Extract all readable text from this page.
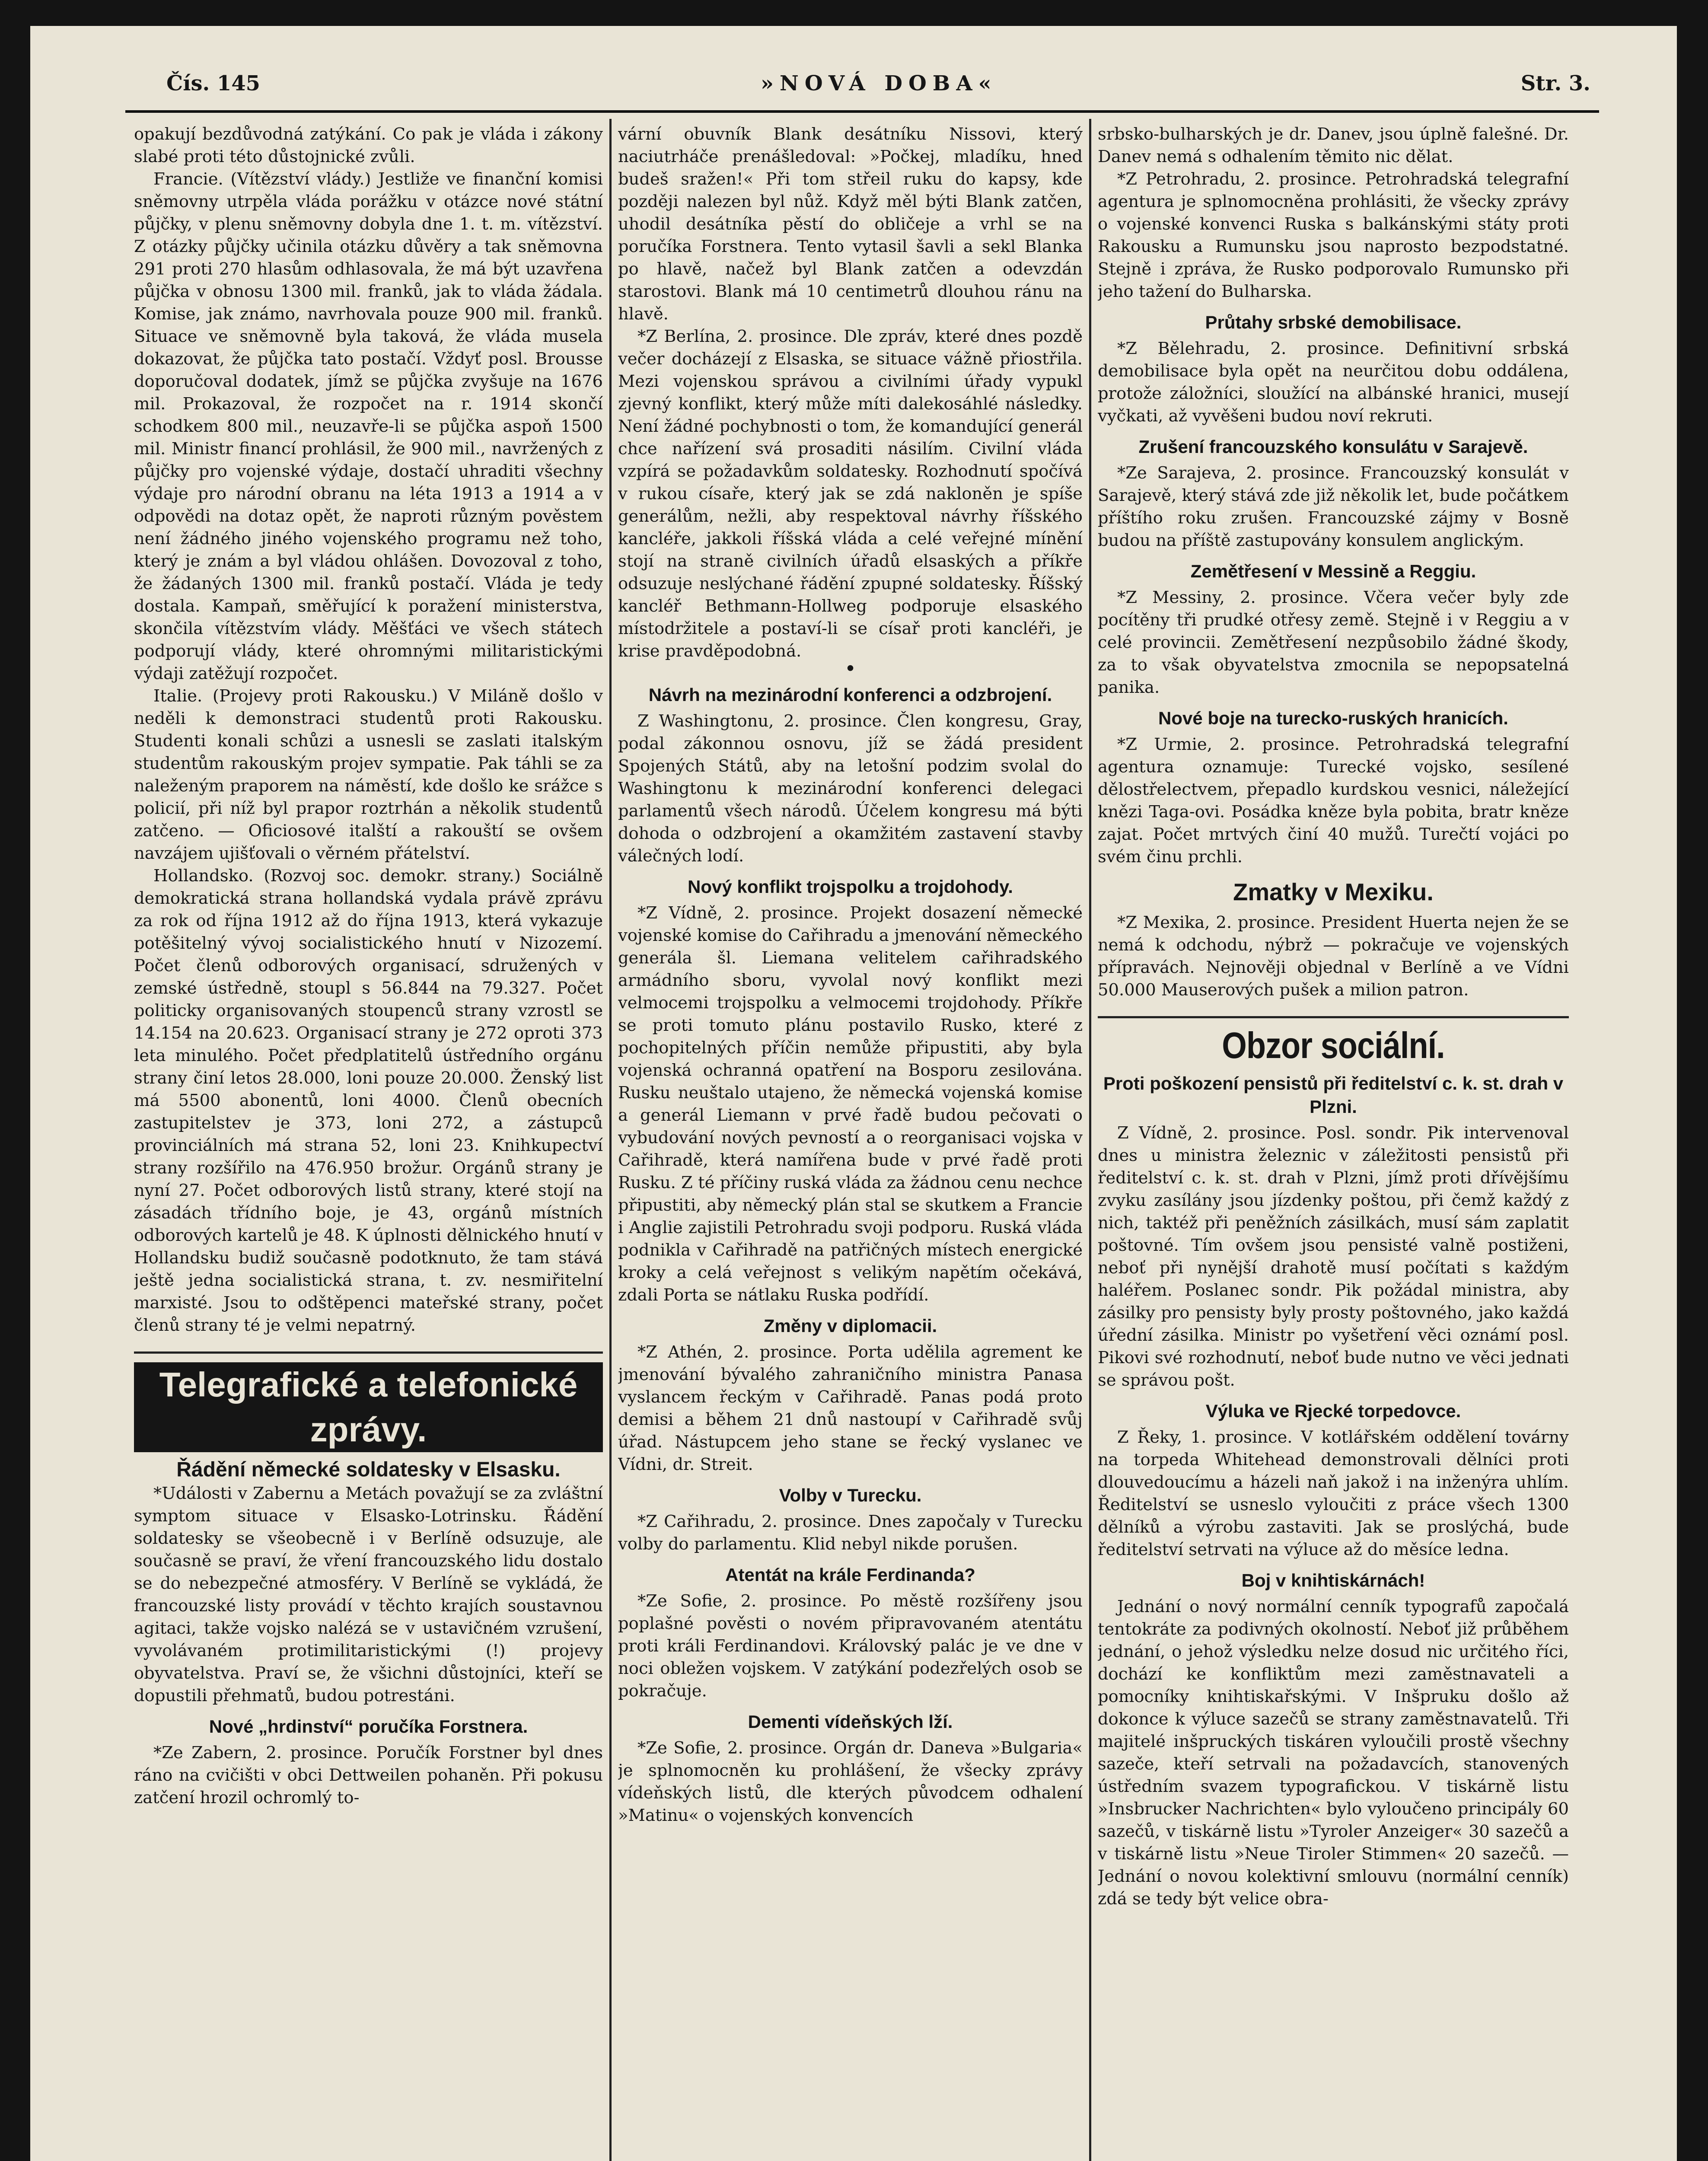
Čís. 145	»NOVÁ DOBA«	Str. 3.

opakují bezdůvodná zatýkání. Co pak je vláda i zákony slabé proti této důstojnické zvůli.

Francie. (Vítězství vlády.) Jestliže ve finanční komisi sněmovny utrpěla vláda porážku v otázce nové státní půjčky, v plenu sněmovny dobyla dne 1. t. m. vítězství. Z otázky půjčky učinila otázku důvěry a tak sněmovna 291 proti 270 hlasům odhlasovala, že má být uzavřena půjčka v obnosu 1300 mil. franků, jak to vláda žádala. Komise, jak známo, navrhovala pouze 900 mil. franků. Situace ve sněmovně byla taková, že vláda musela dokazovat, že půjčka tato postačí. Vždyť posl. Brousse doporučoval dodatek, jímž se půjčka zvyšuje na 1676 mil. Prokazoval, že rozpočet na r. 1914 skončí schodkem 800 mil., neuzavře-li se půjčka aspoň 1500 mil. Ministr financí prohlásil, že 900 mil., navržených z půjčky pro vojenské výdaje, dostačí uhraditi všechny výdaje pro národní obranu na léta 1913 a 1914 a v odpovědi na dotaz opět, že naproti různým pověstem není žádného jiného vojenského programu než toho, který je znám a byl vládou ohlášen. Dovozoval z toho, že žádaných 1300 mil. franků postačí. Vláda je tedy dostala. Kampaň, směřující k poražení ministerstva, skončila vítězstvím vlády. Měšťáci ve všech státech podporují vlády, které ohromnými militaristickými výdaji zatěžují rozpočet.

Italie. (Projevy proti Rakousku.) V Miláně došlo v neděli k demonstraci studentů proti Rakousku. Studenti konali schůzi a usnesli se zaslati italským studentům rakouským projev sympatie. Pak táhli se za naleženým praporem na náměstí, kde došlo ke srážce s policií, při níž byl prapor roztrhán a několik studentů zatčeno. — Oficiosové italští a rakouští se ovšem navzájem ujišťovali o věrném přátelství.

Hollandsko. (Rozvoj soc. demokr. strany.) Sociálně demokratická strana hollandská vydala právě zprávu za rok od října 1912 až do října 1913, která vykazuje potěšitelný vývoj socialistického hnutí v Nizozemí. Počet členů odborových organisací, sdružených v zemské ústředně, stoupl s 56.844 na 79.327. Počet politicky organisovaných stoupenců strany vzrostl se 14.154 na 20.623. Organisací strany je 272 oproti 373 leta minulého. Počet předplatitelů ústředního orgánu strany činí letos 28.000, loni pouze 20.000. Ženský list má 5500 abonentů, loni 4000. Členů obecních zastupitelstev je 373, loni 272, a zástupců provinciálních má strana 52, loni 23. Knihkupectví strany rozšířilo na 476.950 brožur. Orgánů strany je nyní 27. Počet odborových listů strany, které stojí na zásadách třídního boje, je 43, orgánů místních odborových kartelů je 48. K úplnosti dělnického hnutí v Hollandsku budiž současně podotknuto, že tam stává ještě jedna socialistická strana, t. zv. nesmiřitelní marxisté. Jsou to odštěpenci mateřské strany, počet členů strany té je velmi nepatrný.

Telegrafické a telefonické zprávy.
Řádění německé soldatesky v Elsasku.

*Události v Zabernu a Metách považují se za zvláštní symptom situace v Elsasko-Lotrinsku. Řádění soldatesky se všeobecně i v Berlíně odsuzuje, ale současně se praví, že vření francouzského lidu dostalo se do nebezpečné atmosféry. V Berlíně se vykládá, že francouzské listy provádí v těchto krajích soustavnou agitaci, takže vojsko nalézá se v ustavičném vzrušení, vyvolávaném protimilitaristickými (!) projevy obyvatelstva. Praví se, že všichni důstojníci, kteří se dopustili přehmatů, budou potrestáni.

Nové „hrdinství“ poručíka Forstnera.

*Ze Zabern, 2. prosince. Poručík Forstner byl dnes ráno na cvičišti v obci Dettweilen pohaněn. Při pokusu zatčení hrozil ochromlý to-

vární obuvník Blank desátníku Nissovi, který naciutrháče prenášledoval: »Počkej, mladíku, hned budeš sražen!« Při tom střeil ruku do kapsy, kde později nalezen byl nůž. Když měl býti Blank zatčen, uhodil desátníka pěstí do obličeje a vrhl se na poručíka Forstnera. Tento vytasil šavli a sekl Blanka po hlavě, načež byl Blank zatčen a odevzdán starostovi. Blank má 10 centimetrů dlouhou ránu na hlavě.

*Z Berlína, 2. prosince. Dle zpráv, které dnes pozdě večer docházejí z Elsaska, se situace vážně přiostřila. Mezi vojenskou správou a civilními úřady vypukl zjevný konflikt, který může míti dalekosáhlé následky. Není žádné pochybnosti o tom, že komandující generál chce nařízení svá prosaditi násilím. Civilní vláda vzpírá se požadavkům soldatesky. Rozhodnutí spočívá v rukou císaře, který jak se zdá nakloněn je spíše generálům, nežli, aby respektoval návrhy říšského kancléře, jakkoli říšská vláda a celé veřejné mínění stojí na straně civilních úřadů elsaských a příkře odsuzuje neslýchané řádění zpupné soldatesky. Říšský kancléř Bethmann-Hollweg podporuje elsaského místodržitele a postaví-li se císař proti kancléři, je krise pravděpodobná.

•
Návrh na mezinárodní konferenci a odzbrojení.

Z Washingtonu, 2. prosince. Člen kongresu, Gray, podal zákonnou osnovu, jíž se žádá president Spojených Států, aby na letošní podzim svolal do Washingtonu k mezinárodní konferenci delegaci parlamentů všech národů. Účelem kongresu má býti dohoda o odzbrojení a okamžitém zastavení stavby válečných lodí.

Nový konflikt trojspolku a trojdohody.

*Z Vídně, 2. prosince. Projekt dosazení německé vojenské komise do Cařihradu a jmenování německého generála šl. Liemana velitelem cařihradského armádního sboru, vyvolal nový konflikt mezi velmocemi trojspolku a velmocemi trojdohody. Příkře se proti tomuto plánu postavilo Rusko, které z pochopitelných příčin nemůže připustiti, aby byla vojenská ochranná opatření na Bosporu zesilována. Rusku neuštalo utajeno, že německá vojenská komise a generál Liemann v prvé řadě budou pečovati o vybudování nových pevností a o reorganisaci vojska v Cařihradě, která namířena bude v prvé řadě proti Rusku. Z té příčiny ruská vláda za žádnou cenu nechce připustiti, aby německý plán stal se skutkem a Francie i Anglie zajistili Petrohradu svoji podporu. Ruská vláda podnikla v Cařihradě na patřičných místech energické kroky a celá veřejnost s velikým napětím očekává, zdali Porta se nátlaku Ruska podřídí.

Změny v diplomacii.

*Z Athén, 2. prosince. Porta udělila agrement ke jmenování bývalého zahraničního ministra Panasa vyslancem řeckým v Cařihradě. Panas podá proto demisi a během 21 dnů nastoupí v Cařihradě svůj úřad. Nástupcem jeho stane se řecký vyslanec ve Vídni, dr. Streit.

Volby v Turecku.

*Z Cařihradu, 2. prosince. Dnes započaly v Turecku volby do parlamentu. Klid nebyl nikde porušen.

Atentát na krále Ferdinanda?

*Ze Sofie, 2. prosince. Po městě rozšířeny jsou poplašné pověsti o novém připravovaném atentátu proti králi Ferdinandovi. Královský palác je ve dne v noci obležen vojskem. V zatýkání podezřelých osob se pokračuje.

Dementi vídeňských lží.

*Ze Sofie, 2. prosince. Orgán dr. Daneva »Bulgaria« je splnomocněn ku prohlášení, že všecky zprávy vídeňských listů, dle kterých původcem odhalení »Matinu« o vojenských konvencích

srbsko-bulharských je dr. Danev, jsou úplně falešné. Dr. Danev nemá s odhalením těmito nic dělat.

*Z Petrohradu, 2. prosince. Petrohradská telegrafní agentura je splnomocněna prohlásiti, že všecky zprávy o vojenské konvenci Ruska s balkánskými státy proti Rakousku a Rumunsku jsou naprosto bezpodstatné. Stejně i zpráva, že Rusko podporovalo Rumunsko při jeho tažení do Bulharska.

Průtahy srbské demobilisace.

*Z Bělehradu, 2. prosince. Definitivní srbská demobilisace byla opět na neurčitou dobu oddálena, protože záložníci, sloužící na albánské hranici, musejí vyčkati, až vyvěšeni budou noví rekruti.

Zrušení francouzského konsulátu v Sarajevě.

*Ze Sarajeva, 2. prosince. Francouzský konsulát v Sarajevě, který stává zde již několik let, bude počátkem příštího roku zrušen. Francouzské zájmy v Bosně budou na příště zastupovány konsulem anglickým.

Zemětřesení v Messině a Reggiu.

*Z Messiny, 2. prosince. Včera večer byly zde pocítěny tři prudké otřesy země. Stejně i v Reggiu a v celé provincii. Zemětřesení nezpůsobilo žádné škody, za to však obyvatelstva zmocnila se nepopsatelná panika.

Nové boje na turecko-ruských hranicích.

*Z Urmie, 2. prosince. Petrohradská telegrafní agentura oznamuje: Turecké vojsko, sesílené dělostřelectvem, přepadlo kurdskou vesnici, náležející knězi Taga-ovi. Posádka kněze byla pobita, bratr kněze zajat. Počet mrtvých činí 40 mužů. Turečtí vojáci po svém činu prchli.

Zmatky v Mexiku.

*Z Mexika, 2. prosince. President Huerta nejen že se nemá k odchodu, nýbrž — pokračuje ve vojenských přípravách. Nejnověji objednal v Berlíně a ve Vídni 50.000 Mauserových pušek a milion patron.

Obzor sociální.
Proti poškození pensistů při ředitelství c. k. st. drah v Plzni.

Z Vídně, 2. prosince. Posl. sondr. Pik intervenoval dnes u ministra železnic v záležitosti pensistů při ředitelství c. k. st. drah v Plzni, jímž proti dřívějšímu zvyku zasílány jsou jízdenky poštou, při čemž každý z nich, taktéž při peněžních zásilkách, musí sám zaplatit poštovné. Tím ovšem jsou pensisté valně postiženi, neboť při nynější drahotě musí počítati s každým haléřem. Poslanec sondr. Pik požádal ministra, aby zásilky pro pensisty byly prosty poštovného, jako každá úřední zásilka. Ministr po vyšetření věci oznámí posl. Pikovi své rozhodnutí, neboť bude nutno ve věci jednati se správou pošt.

Výluka ve Rjecké torpedovce.

Z Řeky, 1. prosince. V kotlářském oddělení továrny na torpeda Whitehead demonstrovali dělníci proti dlouvedoucímu a házeli naň jakož i na inženýra uhlím. Ředitelství se usneslo vyloučiti z práce všech 1300 dělníků a výrobu zastaviti. Jak se proslýchá, bude ředitelství setrvati na výluce až do měsíce ledna.

Boj v knihtiskárnách!

Jednání o nový normální cenník typografů započalá tentokráte za podivných okolností. Neboť již průběhem jednání, o jehož výsledku nelze dosud nic určitého říci, dochází ke konfliktům mezi zaměstnavateli a pomocníky knihtiskařskými. V Inšpruku došlo až dokonce k výluce sazečů se strany zaměstnavatelů. Tři majitelé inšpruckých tiskáren vyloučili prostě všechny sazeče, kteří setrvali na požadavcích, stanovených ústředním svazem typografickou. V tiskárně listu »Insbrucker Nachrichten« bylo vyloučeno principály 60 sazečů, v tiskárně listu »Tyroler Anzeiger« 30 sazečů a v tiskárně listu »Neue Tiroler Stimmen« 20 sazečů. — Jednání o novou kolektivní smlouvu (normální cenník) zdá se tedy být velice obra-
